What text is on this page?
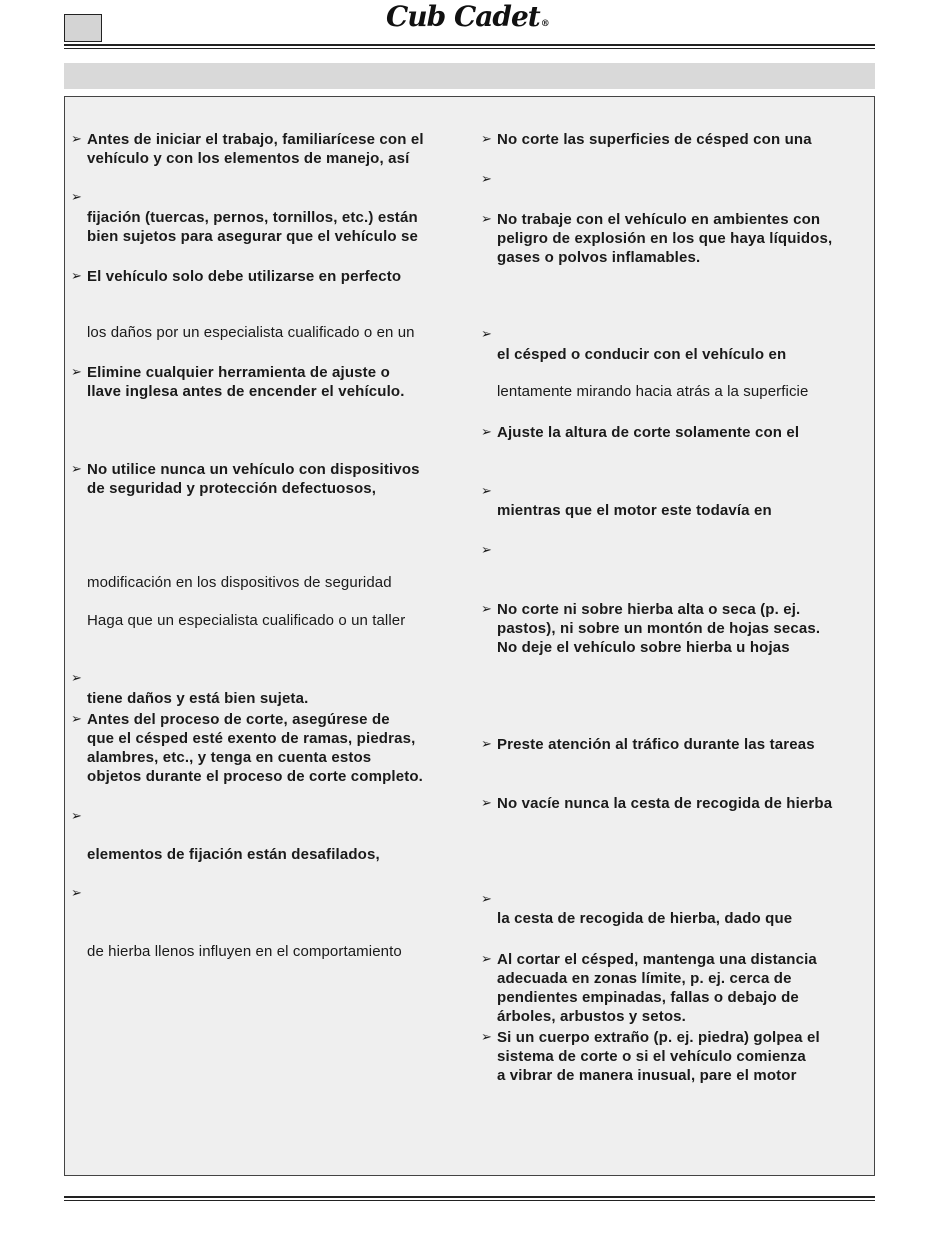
Cub Cadet®
➢ Antes de iniciar el trabajo, familiarícese con el
vehículo y con los elementos de manejo, así
➢
fijación (tuercas, pernos, tornillos, etc.) están
bien sujetos para asegurar que el vehículo se
➢ El vehículo solo debe utilizarse en perfecto
los daños por un especialista cualificado o en un
➢ Elimine cualquier herramienta de ajuste o
llave inglesa antes de encender el vehículo.
➢ No utilice nunca un vehículo con dispositivos
de seguridad y protección defectuosos,
modificación en los dispositivos de seguridad
Haga que un especialista cualificado o un taller
➢
tiene daños y está bien sujeta.
➢ Antes del proceso de corte, asegúrese de
que el césped esté exento de ramas, piedras,
alambres, etc., y tenga en cuenta estos
objetos durante el proceso de corte completo.
➢
elementos de fijación están desafilados,
➢
de hierba llenos influyen en el comportamiento
➢ No corte las superficies de césped con una
➢
➢ No trabaje con el vehículo en ambientes con
peligro de explosión en los que haya líquidos,
gases o polvos inflamables.
➢
el césped o conducir con el vehículo en
lentamente mirando hacia atrás a la superficie
➢ Ajuste la altura de corte solamente con el
➢
mientras que el motor este todavía en
➢
➢ No corte ni sobre hierba alta o seca (p. ej.
pastos), ni sobre un montón de hojas secas.
No deje el vehículo sobre hierba u hojas
➢ Preste atención al tráfico durante las tareas
➢ No vacíe nunca la cesta de recogida de hierba
➢
la cesta de recogida de hierba, dado que
➢ Al cortar el césped, mantenga una distancia
adecuada en zonas límite, p. ej. cerca de
pendientes empinadas, fallas o debajo de
árboles, arbustos y setos.
➢ Si un cuerpo extraño (p. ej. piedra) golpea el
sistema de corte o si el vehículo comienza
a vibrar de manera inusual, pare el motor
